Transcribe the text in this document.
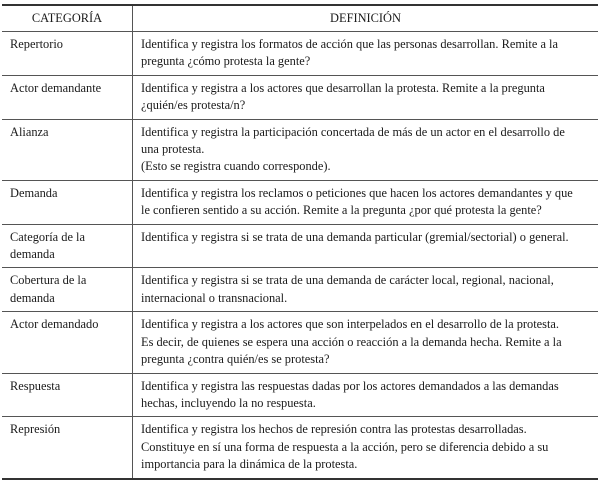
CATEGORÍA	DEFINICIÓN
Repertorio	Identifica y registra los formatos de acción que las personas desarrollan. Remite a la
pregunta ¿cómo protesta la gente?

Actor demandante	Identifica y registra a los actores que desarrollan la protesta. Remite a la pregunta
¿quién/es protesta/n?

Alianza	Identifica y registra la participación concertada de más de un actor en el desarrollo de
una protesta.
(Esto se registra cuando corresponde).

Demanda	Identifica y registra los reclamos o peticiones que hacen los actores demandantes y que
le confieren sentido a su acción. Remite a la pregunta ¿por qué protesta la gente?

Categoría de la demanda	Identifica y registra si se trata de una demanda particular (gremial/sectorial) o general.

Cobertura de la demanda	Identifica y registra si se trata de una demanda de carácter local, regional, nacional,
internacional o transnacional.

Actor demandado	Identifica y registra a los actores que son interpelados en el desarrollo de la protesta.
Es decir, de quienes se espera una acción o reacción a la demanda hecha. Remite a la
pregunta ¿contra quién/es se protesta?

Respuesta	Identifica y registra las respuestas dadas por los actores demandados a las demandas
hechas, incluyendo la no respuesta.

Represión	Identifica y registra los hechos de represión contra las protestas desarrolladas.
Constituye en sí una forma de respuesta a la acción, pero se diferencia debido a su
importancia para la dinámica de la protesta.
